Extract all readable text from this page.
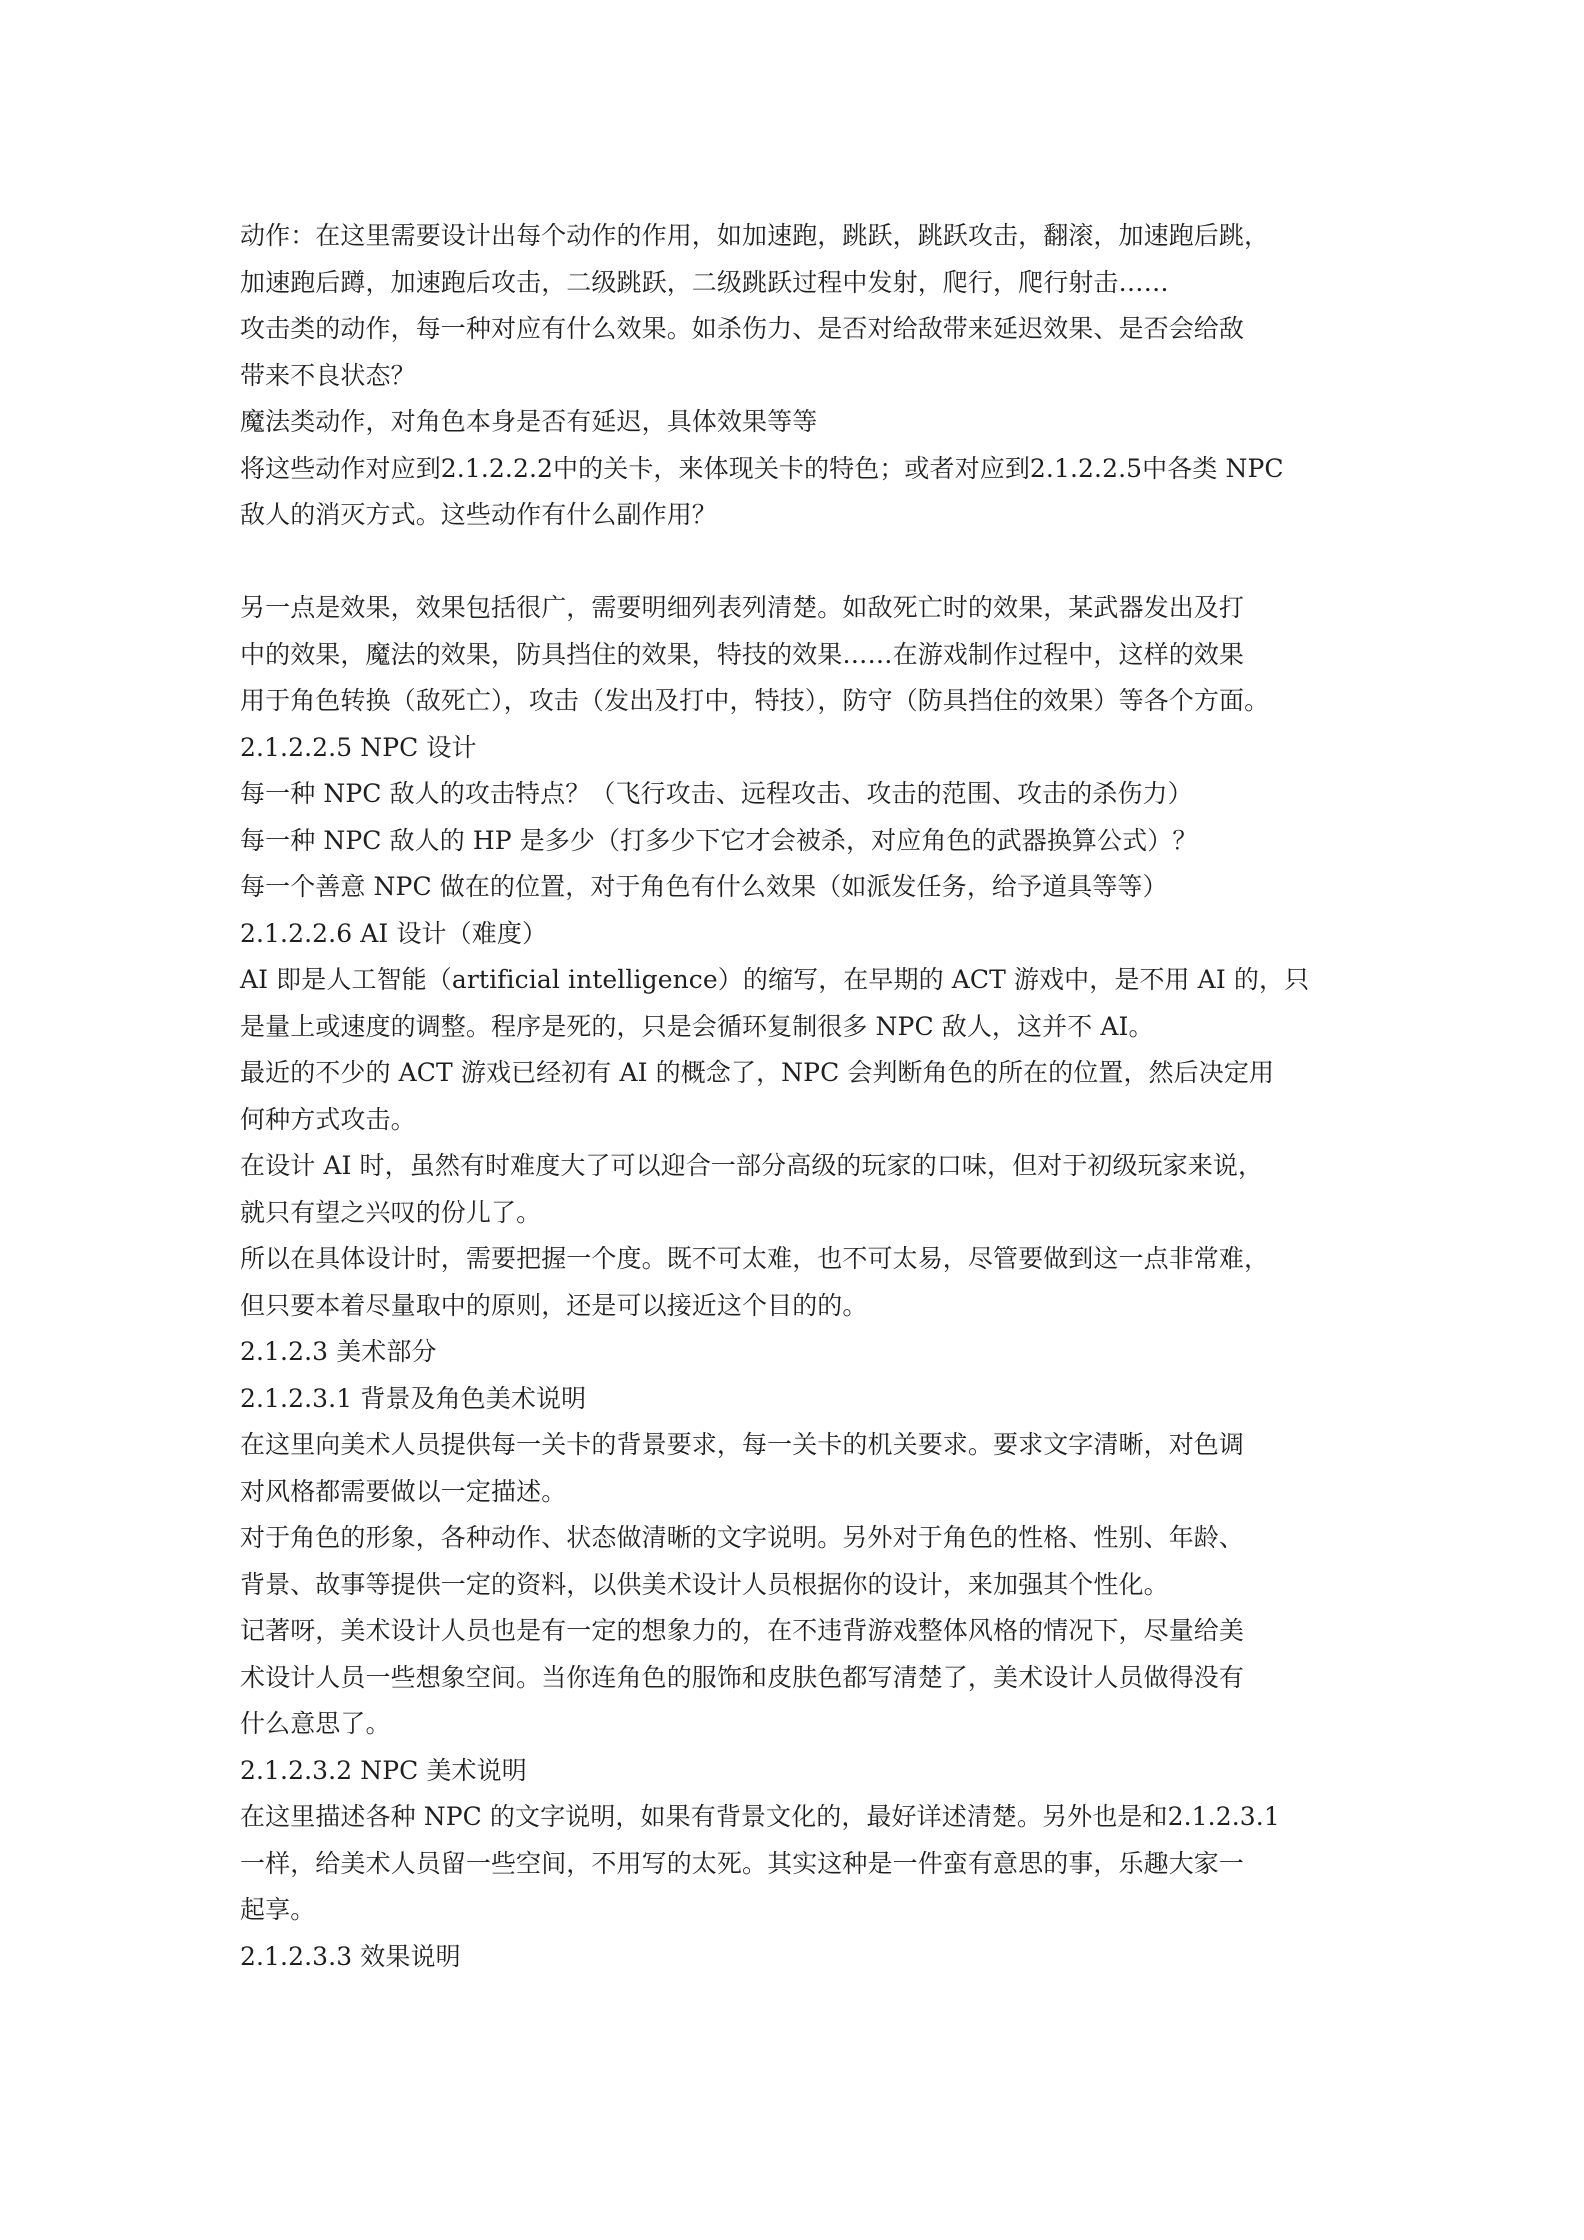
动作：在这里需要设计出每个动作的作用，如加速跑，跳跃，跳跃攻击，翻滚，加速跑后跳，
加速跑后蹲，加速跑后攻击，二级跳跃，二级跳跃过程中发射，爬行，爬行射击……
攻击类的动作，每一种对应有什么效果。如杀伤力、是否对给敌带来延迟效果、是否会给敌
带来不良状态？
魔法类动作，对角色本身是否有延迟，具体效果等等
将这些动作对应到2.1.2.2.2中的关卡，来体现关卡的特色；或者对应到2.1.2.2.5中各类 NPC
敌人的消灭方式。这些动作有什么副作用？
另一点是效果，效果包括很广，需要明细列表列清楚。如敌死亡时的效果，某武器发出及打
中的效果，魔法的效果，防具挡住的效果，特技的效果……在游戏制作过程中，这样的效果
用于角色转换（敌死亡），攻击（发出及打中，特技），防守（防具挡住的效果）等各个方面。
2.1.2.2.5 NPC 设计
每一种 NPC 敌人的攻击特点？（飞行攻击、远程攻击、攻击的范围、攻击的杀伤力）
每一种 NPC 敌人的 HP 是多少（打多少下它才会被杀，对应角色的武器换算公式）？
每一个善意 NPC 做在的位置，对于角色有什么效果（如派发任务，给予道具等等）
2.1.2.2.6 AI 设计（难度）
AI 即是人工智能（artificial intelligence）的缩写，在早期的 ACT 游戏中，是不用 AI 的，只
是量上或速度的调整。程序是死的，只是会循环复制很多 NPC 敌人，这并不 AI。
最近的不少的 ACT 游戏已经初有 AI 的概念了，NPC 会判断角色的所在的位置，然后决定用
何种方式攻击。
在设计 AI 时，虽然有时难度大了可以迎合一部分高级的玩家的口味，但对于初级玩家来说，
就只有望之兴叹的份儿了。
所以在具体设计时，需要把握一个度。既不可太难，也不可太易，尽管要做到这一点非常难，
但只要本着尽量取中的原则，还是可以接近这个目的的。
2.1.2.3 美术部分
2.1.2.3.1 背景及角色美术说明
在这里向美术人员提供每一关卡的背景要求，每一关卡的机关要求。要求文字清晰，对色调
对风格都需要做以一定描述。
对于角色的形象，各种动作、状态做清晰的文字说明。另外对于角色的性格、性别、年龄、
背景、故事等提供一定的资料，以供美术设计人员根据你的设计，来加强其个性化。
记著呀，美术设计人员也是有一定的想象力的，在不违背游戏整体风格的情况下，尽量给美
术设计人员一些想象空间。当你连角色的服饰和皮肤色都写清楚了，美术设计人员做得没有
什么意思了。
2.1.2.3.2 NPC 美术说明
在这里描述各种 NPC 的文字说明，如果有背景文化的，最好详述清楚。另外也是和2.1.2.3.1
一样，给美术人员留一些空间，不用写的太死。其实这种是一件蛮有意思的事，乐趣大家一
起享。
2.1.2.3.3 效果说明
